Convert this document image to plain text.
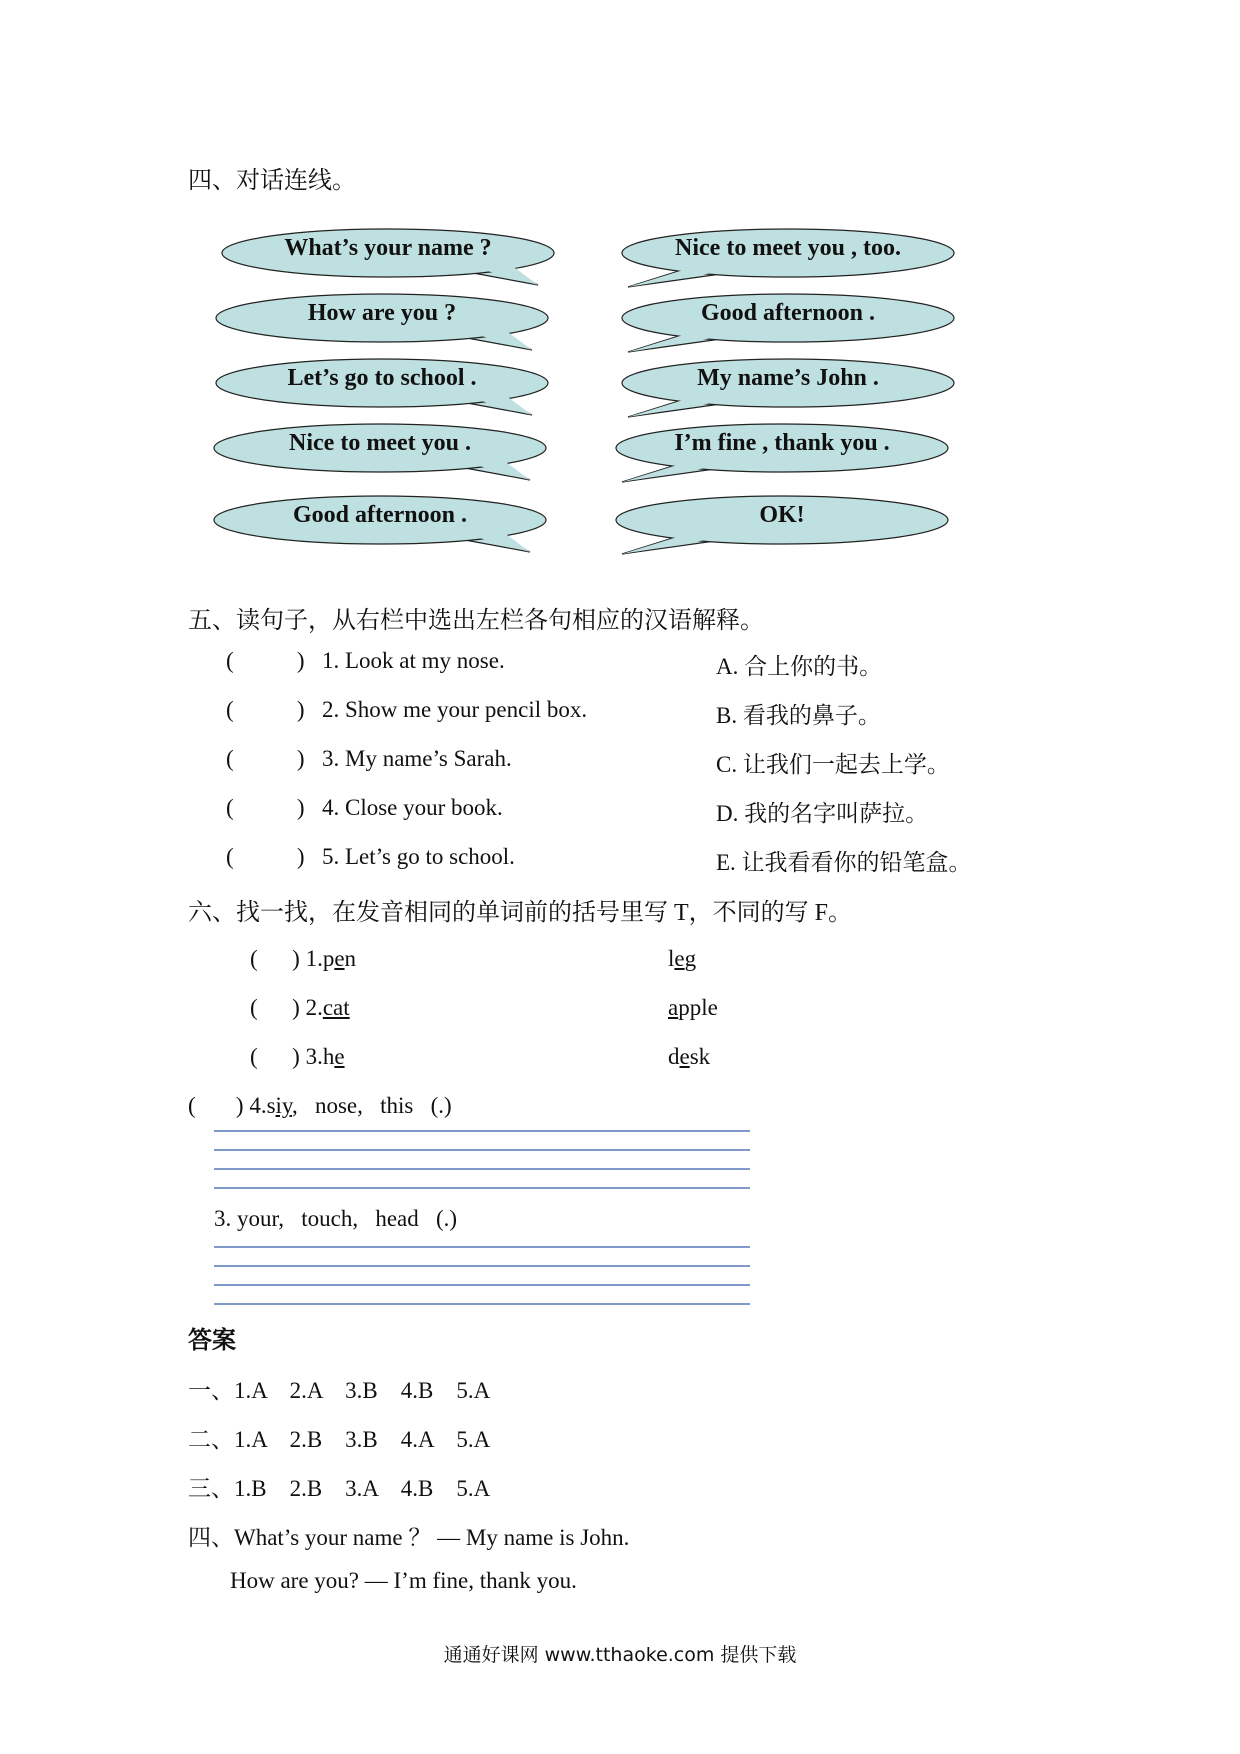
四、对话连线。
What’s your name ?	Nice to meet you , too.
How are you ?	Good afternoon .
Let’s go to school .	My name’s John .
Nice to meet you .	I’m fine , thank you .
Good afternoon .	OK!
五、读句子，从右栏中选出左栏各句相应的汉语解释。
(           ) 1. Look at my nose.	A. 合上你的书。
(           ) 2. Show me your pencil box.	B. 看我的鼻子。
(           ) 3. My name’s Sarah.	C. 让我们一起去上学。
(           ) 4. Close your book.	D. 我的名字叫萨拉。
(           ) 5. Let’s go to school.	E. 让我看看你的铅笔盒。
六、找一找，在发音相同的单词前的括号里写 T，不同的写 F。
(      ) 1.pen	leg
(      ) 2.cat	apple
(      ) 3.he	desk
(       ) 4.siy,   nose,   this   (.)
3. your,   touch,   head   (.)
答案
一、1.A    2.A    3.B    4.B    5.A
二、1.A    2.B    3.B    4.A    5.A
三、1.B    2.B    3.A    4.B    5.A
四、What’s your name ？ — My name is John.
How are you? — I’m fine, thank you.
通通好课网 www.tthaoke.com 提供下载
